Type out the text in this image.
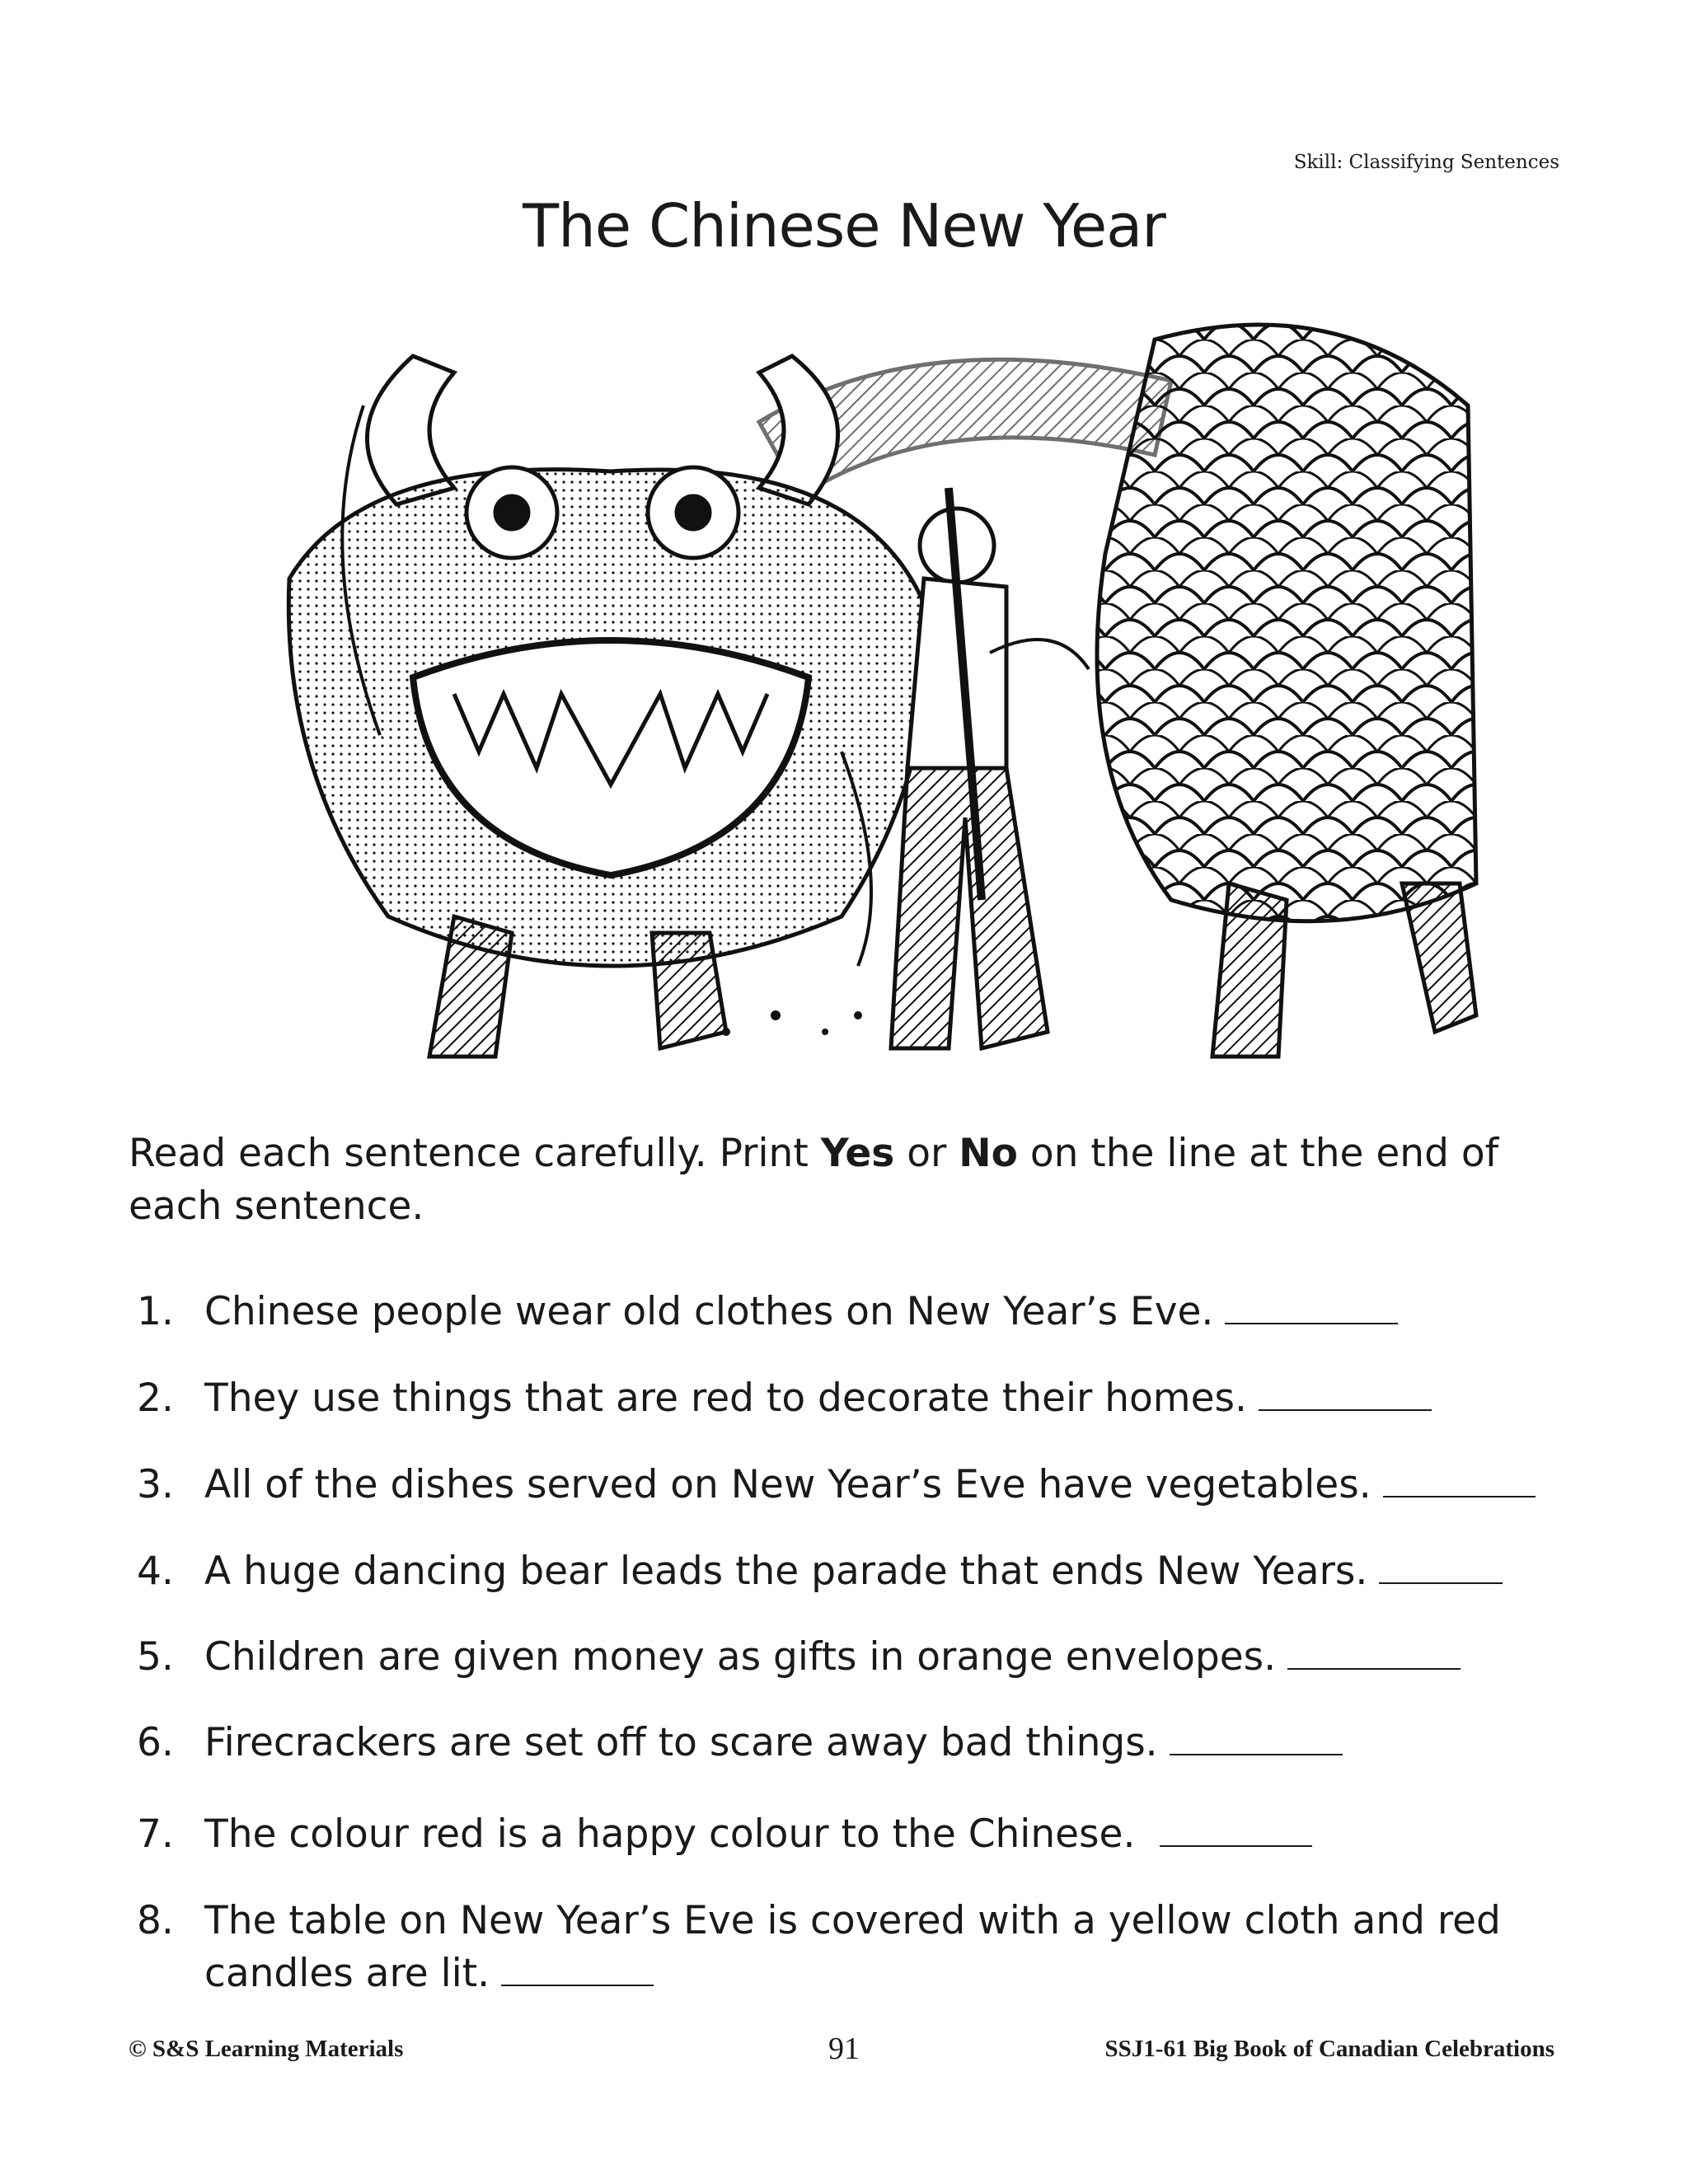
Skill: Classifying Sentences
The Chinese New Year
Read each sentence carefully. Print Yes or No on the line at the end of each sentence.
1. Chinese people wear old clothes on New Year’s Eve.
2. They use things that are red to decorate their homes.
3. All of the dishes served on New Year’s Eve have vegetables.
4. A huge dancing bear leads the parade that ends New Years.
5. Children are given money as gifts in orange envelopes.
6. Firecrackers are set off to scare away bad things.
7. The colour red is a happy colour to the Chinese.
8. The table on New Year’s Eve is covered with a yellow cloth and red candles are lit.
© S&S Learning Materials	91	SSJ1-61 Big Book of Canadian Celebrations
